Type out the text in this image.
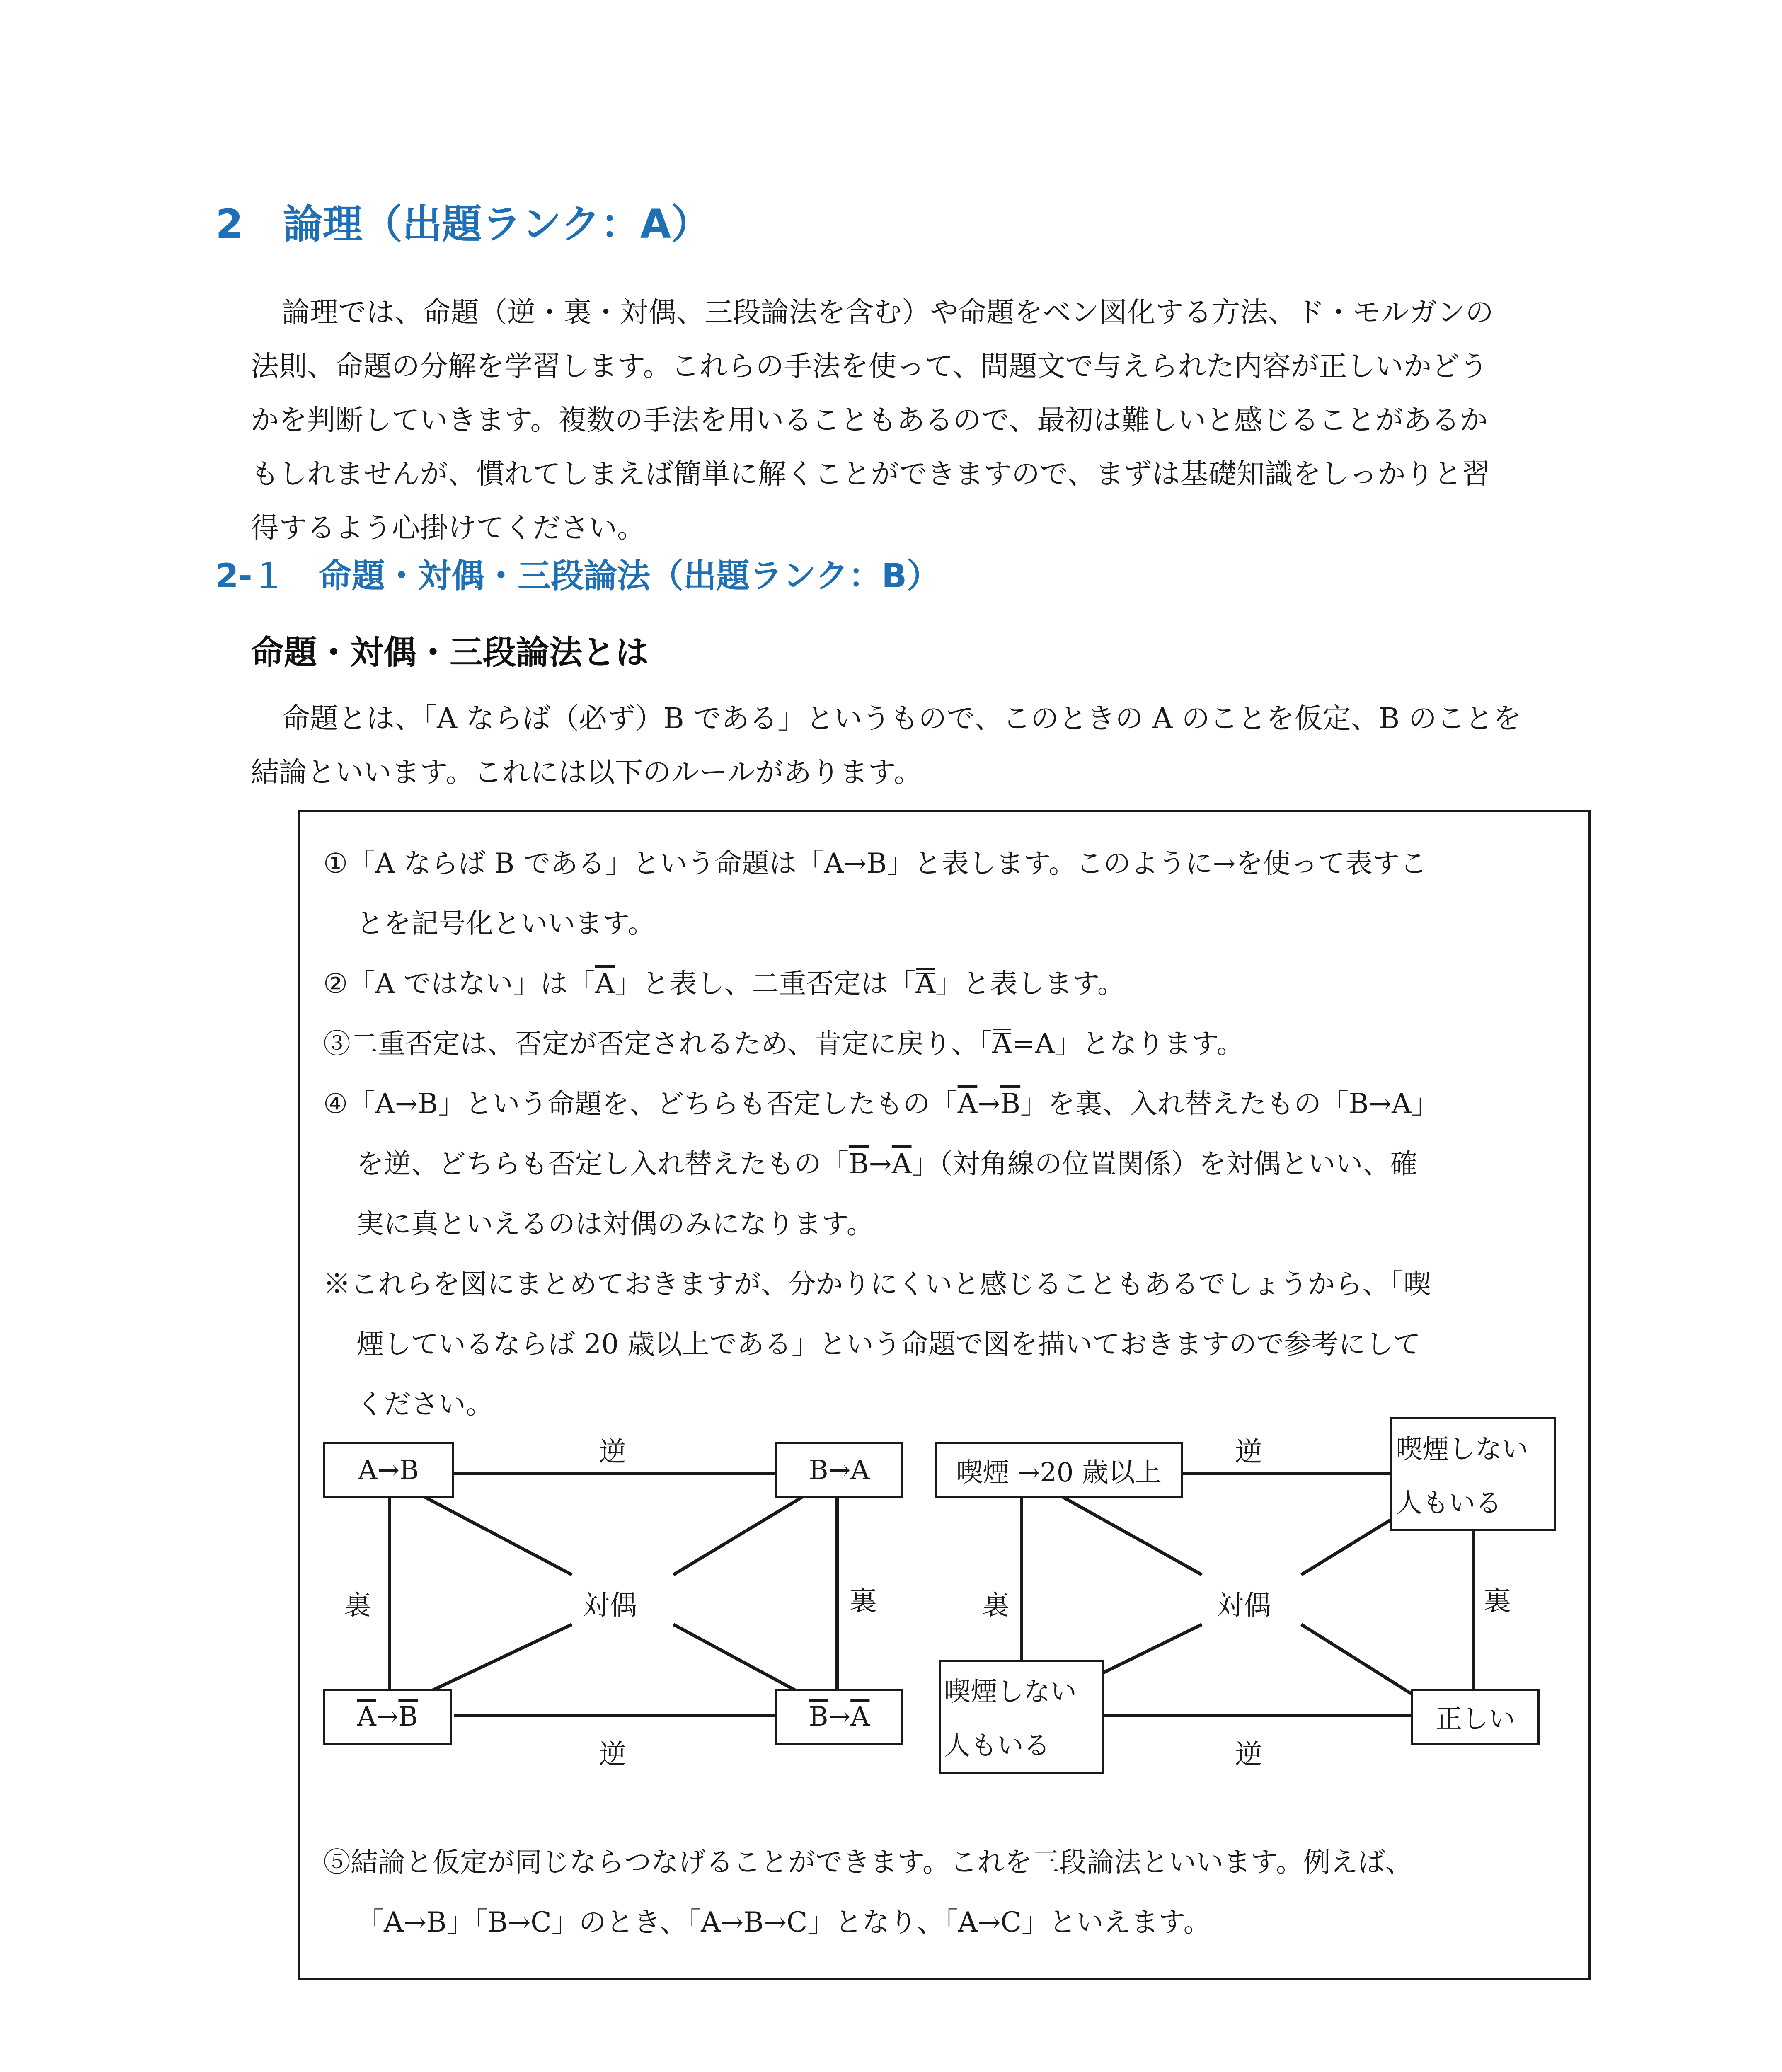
2　論理（出題ランク：A）
論理では、命題（逆・裏・対偶、三段論法を含む）や命題をベン図化する方法、ド・モルガンの
法則、命題の分解を学習します。これらの手法を使って、問題文で与えられた内容が正しいかどう
かを判断していきます。複数の手法を用いることもあるので、最初は難しいと感じることがあるか
もしれませんが、慣れてしまえば簡単に解くことができますので、まずは基礎知識をしっかりと習
得するよう心掛けてください。
2-１　命題・対偶・三段論法（出題ランク：B）
命題・対偶・三段論法とは
命題とは、「A ならば（必ず）B である」というもので、このときの A のことを仮定、B のことを
結論といいます。これには以下のルールがあります。
①「A ならば B である」という命題は「A→B」と表します。このように→を使って表すこ
とを記号化といいます。
②「A ではない」は「$\overline{A}$」と表し、二重否定は「A」と表します。
③二重否定は、否定が否定されるため、肯定に戻り、「A=A」となります。
④「A→B」という命題を、どちらも否定したもの「$\overline{A}\to\overline{B}$」を裏、入れ替えたもの「B→A」
を逆、どちらも否定し入れ替えたもの「$\overline{B}\to\overline{A}$」（対角線の位置関係）を対偶といい、確
実に真といえるのは対偶のみになります。
※これらを図にまとめておきますが、分かりにくいと感じることもあるでしょうから、「喫
煙しているならば 20 歳以上である」という命題で図を描いておきますので参考にして
ください。
A→B	B→A
$\overline{A} \to \overline{B}$	$\overline{B} \to \overline{A}$
逆
逆
裏	裏
対偶
喫煙 →20 歳以上
喫煙しない
人もいる
喫煙しない
人もいる
正しい
逆
逆
裏	裏
対偶
⑤結論と仮定が同じならつなげることができます。これを三段論法といいます。例えば、
「A→B」「B→C」のとき、「A→B→C」となり、「A→C」といえます。
